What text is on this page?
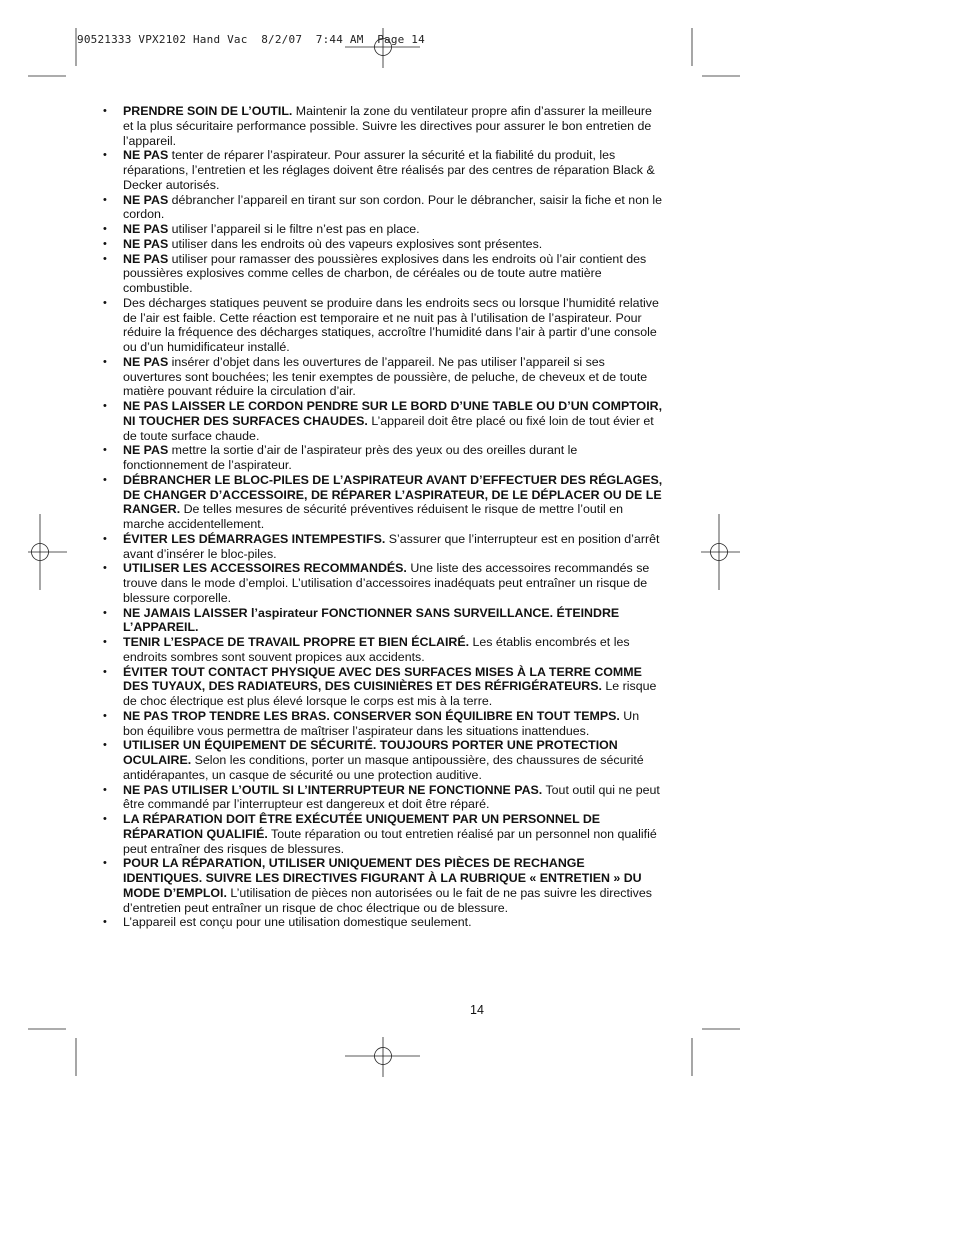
90521333 VPX2102 Hand Vac  8/2/07  7:44 AM  Page 14
• PRENDRE SOIN DE L’OUTIL. Maintenir la zone du ventilateur propre afin d’assurer la meilleure et la plus sécuritaire performance possible. Suivre les directives pour assurer le bon entretien de l’appareil.
• NE PAS tenter de réparer l’aspirateur. Pour assurer la sécurité et la fiabilité du produit, les réparations, l’entretien et les réglages doivent être réalisés par des centres de réparation Black & Decker autorisés.
• NE PAS débrancher l’appareil en tirant sur son cordon. Pour le débrancher, saisir la fiche et non le cordon.
• NE PAS utiliser l’appareil si le filtre n’est pas en place.
• NE PAS utiliser dans les endroits où des vapeurs explosives sont présentes.
• NE PAS utiliser pour ramasser des poussières explosives dans les endroits où l’air contient des poussières explosives comme celles de charbon, de céréales ou de toute autre matière combustible.
• Des décharges statiques peuvent se produire dans les endroits secs ou lorsque l’humidité relative de l’air est faible. Cette réaction est temporaire et ne nuit pas à l’utilisation de l’aspirateur. Pour réduire la fréquence des décharges statiques, accroître l’humidité dans l’air à partir d’une console ou d’un humidificateur installé.
• NE PAS insérer d’objet dans les ouvertures de l’appareil. Ne pas utiliser l’appareil si ses ouvertures sont bouchées; les tenir exemptes de poussière, de peluche, de cheveux et de toute matière pouvant réduire la circulation d’air.
• NE PAS LAISSER LE CORDON PENDRE SUR LE BORD D’UNE TABLE OU D’UN COMPTOIR, NI TOUCHER DES SURFACES CHAUDES. L’appareil doit être placé ou fixé loin de tout évier et de toute surface chaude.
• NE PAS mettre la sortie d’air de l’aspirateur près des yeux ou des oreilles durant le fonctionnement de l’aspirateur.
• DÉBRANCHER LE BLOC-PILES DE L’ASPIRATEUR AVANT D’EFFECTUER DES RÉGLAGES, DE CHANGER D’ACCESSOIRE, DE RÉPARER L’ASPIRATEUR, DE LE DÉPLACER OU DE LE RANGER. De telles mesures de sécurité préventives réduisent le risque de mettre l’outil en marche accidentellement.
• ÉVITER LES DÉMARRAGES INTEMPESTIFS. S’assurer que l’interrupteur est en position d’arrêt avant d’insérer le bloc-piles.
• UTILISER LES ACCESSOIRES RECOMMANDÉS. Une liste des accessoires recommandés se trouve dans le mode d’emploi. L’utilisation d’accessoires inadéquats peut entraîner un risque de blessure corporelle.
• NE JAMAIS LAISSER l’aspirateur FONCTIONNER SANS SURVEILLANCE. ÉTEINDRE L’APPAREIL.
• TENIR L’ESPACE DE TRAVAIL PROPRE ET BIEN ÉCLAIRÉ. Les établis encombrés et les endroits sombres sont souvent propices aux accidents.
• ÉVITER TOUT CONTACT PHYSIQUE AVEC DES SURFACES MISES À LA TERRE COMME DES TUYAUX, DES RADIATEURS, DES CUISINIÈRES ET DES RÉFRIGÉRATEURS. Le risque de choc électrique est plus élevé lorsque le corps est mis à la terre.
• NE PAS TROP TENDRE LES BRAS. CONSERVER SON ÉQUILIBRE EN TOUT TEMPS. Un bon équilibre vous permettra de maîtriser l’aspirateur dans les situations inattendues.
• UTILISER UN ÉQUIPEMENT DE SÉCURITÉ. TOUJOURS PORTER UNE PROTECTION OCULAIRE. Selon les conditions, porter un masque antipoussière, des chaussures de sécurité antidérapantes, un casque de sécurité ou une protection auditive.
• NE PAS UTILISER L’OUTIL SI L’INTERRUPTEUR NE FONCTIONNE PAS. Tout outil qui ne peut être commandé par l’interrupteur est dangereux et doit être réparé.
• LA RÉPARATION DOIT ÊTRE EXÉCUTÉE UNIQUEMENT PAR UN PERSONNEL DE RÉPARATION QUALIFIÉ. Toute réparation ou tout entretien réalisé par un personnel non qualifié peut entraîner des risques de blessures.
• POUR LA RÉPARATION, UTILISER UNIQUEMENT DES PIÈCES DE RECHANGE IDENTIQUES. SUIVRE LES DIRECTIVES FIGURANT À LA RUBRIQUE « ENTRETIEN » DU MODE D’EMPLOI. L’utilisation de pièces non autorisées ou le fait de ne pas suivre les directives d’entretien peut entraîner un risque de choc électrique ou de blessure.
• L’appareil est conçu pour une utilisation domestique seulement.
14
